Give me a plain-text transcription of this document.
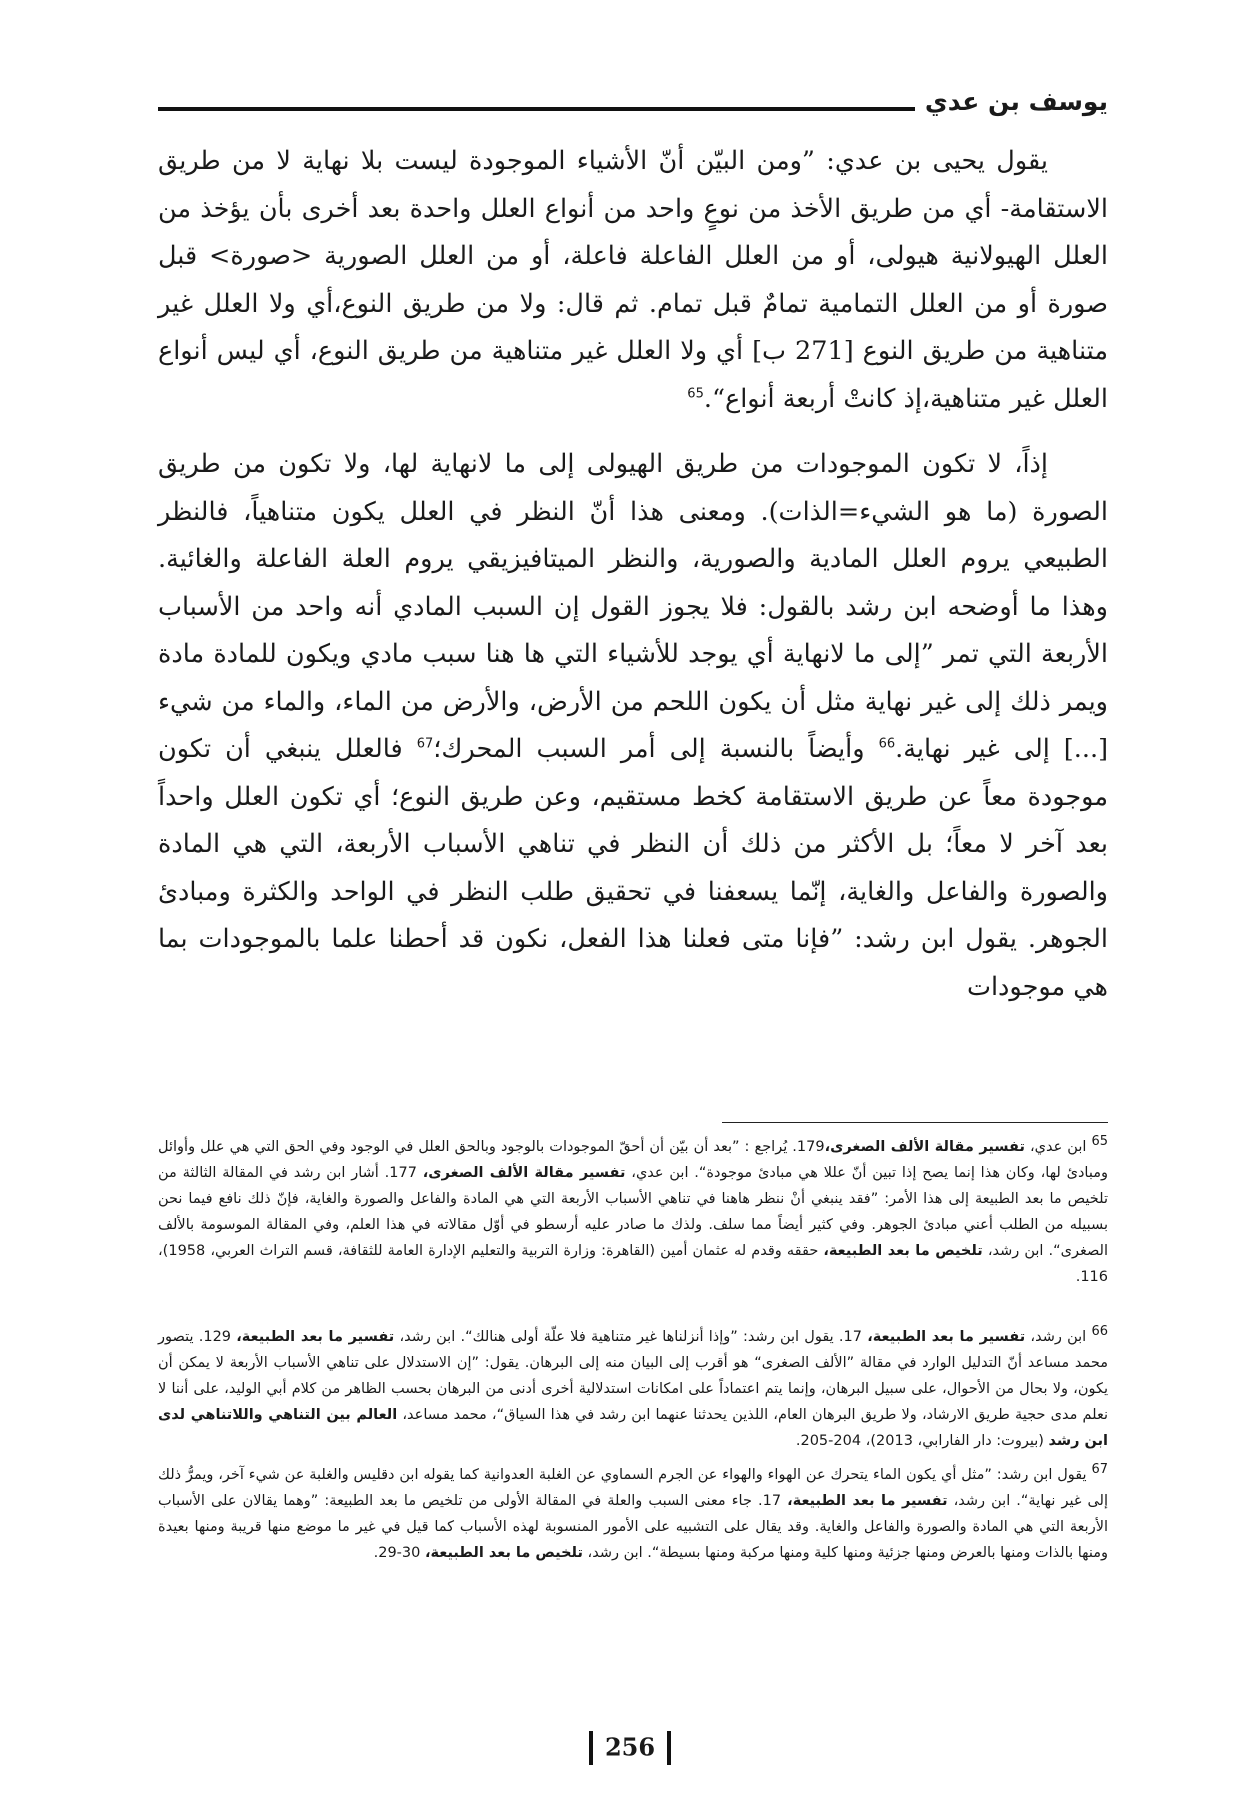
يوسف بن عدي

يقول يحيى بن عدي: ”ومن البيّن أنّ الأشياء الموجودة ليست بلا نهاية لا من طريق الاستقامة- أي من طريق الأخذ من نوعٍ واحد من أنواع العلل واحدة بعد أخرى بأن يؤخذ من العلل الهيولانية هيولى، أو من العلل الفاعلة فاعلة، أو من العلل الصورية <صورة> قبل صورة أو من العلل التمامية تمامٌ قبل تمام. ثم قال: ولا من طريق النوع،أي ولا العلل غير متناهية من طريق النوع [271 ب] أي ولا العلل غير متناهية من طريق النوع، أي ليس أنواع العلل غير متناهية،إذ كانتْ أربعة أنواع“.$^{65}$

إذاً، لا تكون الموجودات من طريق الهيولى إلى ما لانهاية لها، ولا تكون من طريق الصورة (ما هو الشيء=الذات). ومعنى هذا أنّ النظر في العلل يكون متناهياً، فالنظر الطبيعي يروم العلل المادية والصورية، والنظر الميتافيزيقي يروم العلة الفاعلة والغائية. وهذا ما أوضحه ابن رشد بالقول: فلا يجوز القول إن السبب المادي أنه واحد من الأسباب الأربعة التي تمر ”إلى ما لانهاية أي يوجد للأشياء التي ها هنا سبب مادي ويكون للمادة مادة ويمر ذلك إلى غير نهاية مثل أن يكون اللحم من الأرض، والأرض من الماء، والماء من شيء [...] إلى غير نهاية.$^{66}$ وأيضاً بالنسبة إلى أمر السبب المحرك؛$^{67}$ فالعلل ينبغي أن تكون موجودة معاً عن طريق الاستقامة كخط مستقيم، وعن طريق النوع؛ أي تكون العلل واحداً بعد آخر لا معاً؛ بل الأكثر من ذلك أن النظر في تناهي الأسباب الأربعة، التي هي المادة والصورة والفاعل والغاية، إنّما يسعفنا في تحقيق طلب النظر في الواحد والكثرة ومبادئ الجوهر. يقول ابن رشد: ”فإنا متى فعلنا هذا الفعل، نكون قد أحطنا علما بالموجودات بما هي موجودات

$^{65}$ ابن عدي، تفسير مقالة الألف الصغرى،179. يُراجع : ”بعد أن بيّن أن أحقّ الموجودات بالوجود وبالحق العلل في الوجود وفي الحق التي هي علل وأوائل ومبادئ لها، وكان هذا إنما يصح إذا تبين أنّ عللا هي مبادئ موجودة“. ابن عدي، تفسير مقالة الألف الصغرى، 177. أشار ابن رشد في المقالة الثالثة من تلخيص ما بعد الطبيعة إلى هذا الأمر: ”فقد ينبغي أنْ ننظر هاهنا في تناهي الأسباب الأربعة التي هي المادة والفاعل والصورة والغاية، فإنّ ذلك نافع فيما نحن بسبيله من الطلب أعني مبادئ الجوهر. وفي كثير أيضاً مما سلف. ولذك ما صادر عليه أرسطو في أوّل مقالاته في هذا العلم، وفي المقالة الموسومة بالألف الصغرى“. ابن رشد، تلخيص ما بعد الطبيعة، حققه وقدم له عثمان أمين (القاهرة: وزارة التربية والتعليم الإدارة العامة للثقافة، قسم التراث العربي، 1958)، 116.

$^{66}$ ابن رشد، تفسير ما بعد الطبيعة، 17. يقول ابن رشد: ”وإذا أنزلناها غير متناهية فلا علّة أولى هنالك“. ابن رشد، تفسير ما بعد الطبيعة، 129. يتصور محمد مساعد أنّ التدليل الوارد في مقالة ”الألف الصغرى“ هو أقرب إلى البيان منه إلى البرهان. يقول: ”إن الاستدلال على تناهي الأسباب الأربعة لا يمكن أن يكون، ولا بحال من الأحوال، على سبيل البرهان، وإنما يتم اعتماداً على امكانات استدلالية أخرى أدنى من البرهان بحسب الظاهر من كلام أبي الوليد، على أننا لا نعلم مدى حجية طريق الارشاد، ولا طريق البرهان العام، اللذين يحدثنا عنهما ابن رشد في هذا السياق“، محمد مساعد، العالم بين التناهي واللاتناهي لدى ابن رشد (بيروت: دار الفارابي، 2013)، 204-205.

$^{67}$ يقول ابن رشد: ”مثل أي يكون الماء يتحرك عن الهواء والهواء عن الجرم السماوي عن الغلبة العدوانية كما يقوله ابن دقليس والغلبة عن شيء آخر، ويمرُّ ذلك إلى غير نهاية“. ابن رشد، تفسير ما بعد الطبيعة، 17. جاء معنى السبب والعلة في المقالة الأولى من تلخيص ما بعد الطبيعة: ”وهما يقالان على الأسباب الأربعة التي هي المادة والصورة والفاعل والغاية. وقد يقال على التشبيه على الأمور المنسوبة لهذه الأسباب كما قيل في غير ما موضع منها قريبة ومنها بعيدة ومنها بالذات ومنها بالعرض ومنها جزئية ومنها كلية ومنها مركبة ومنها بسيطة“. ابن رشد، تلخيص ما بعد الطبيعة، 30-29.

256
